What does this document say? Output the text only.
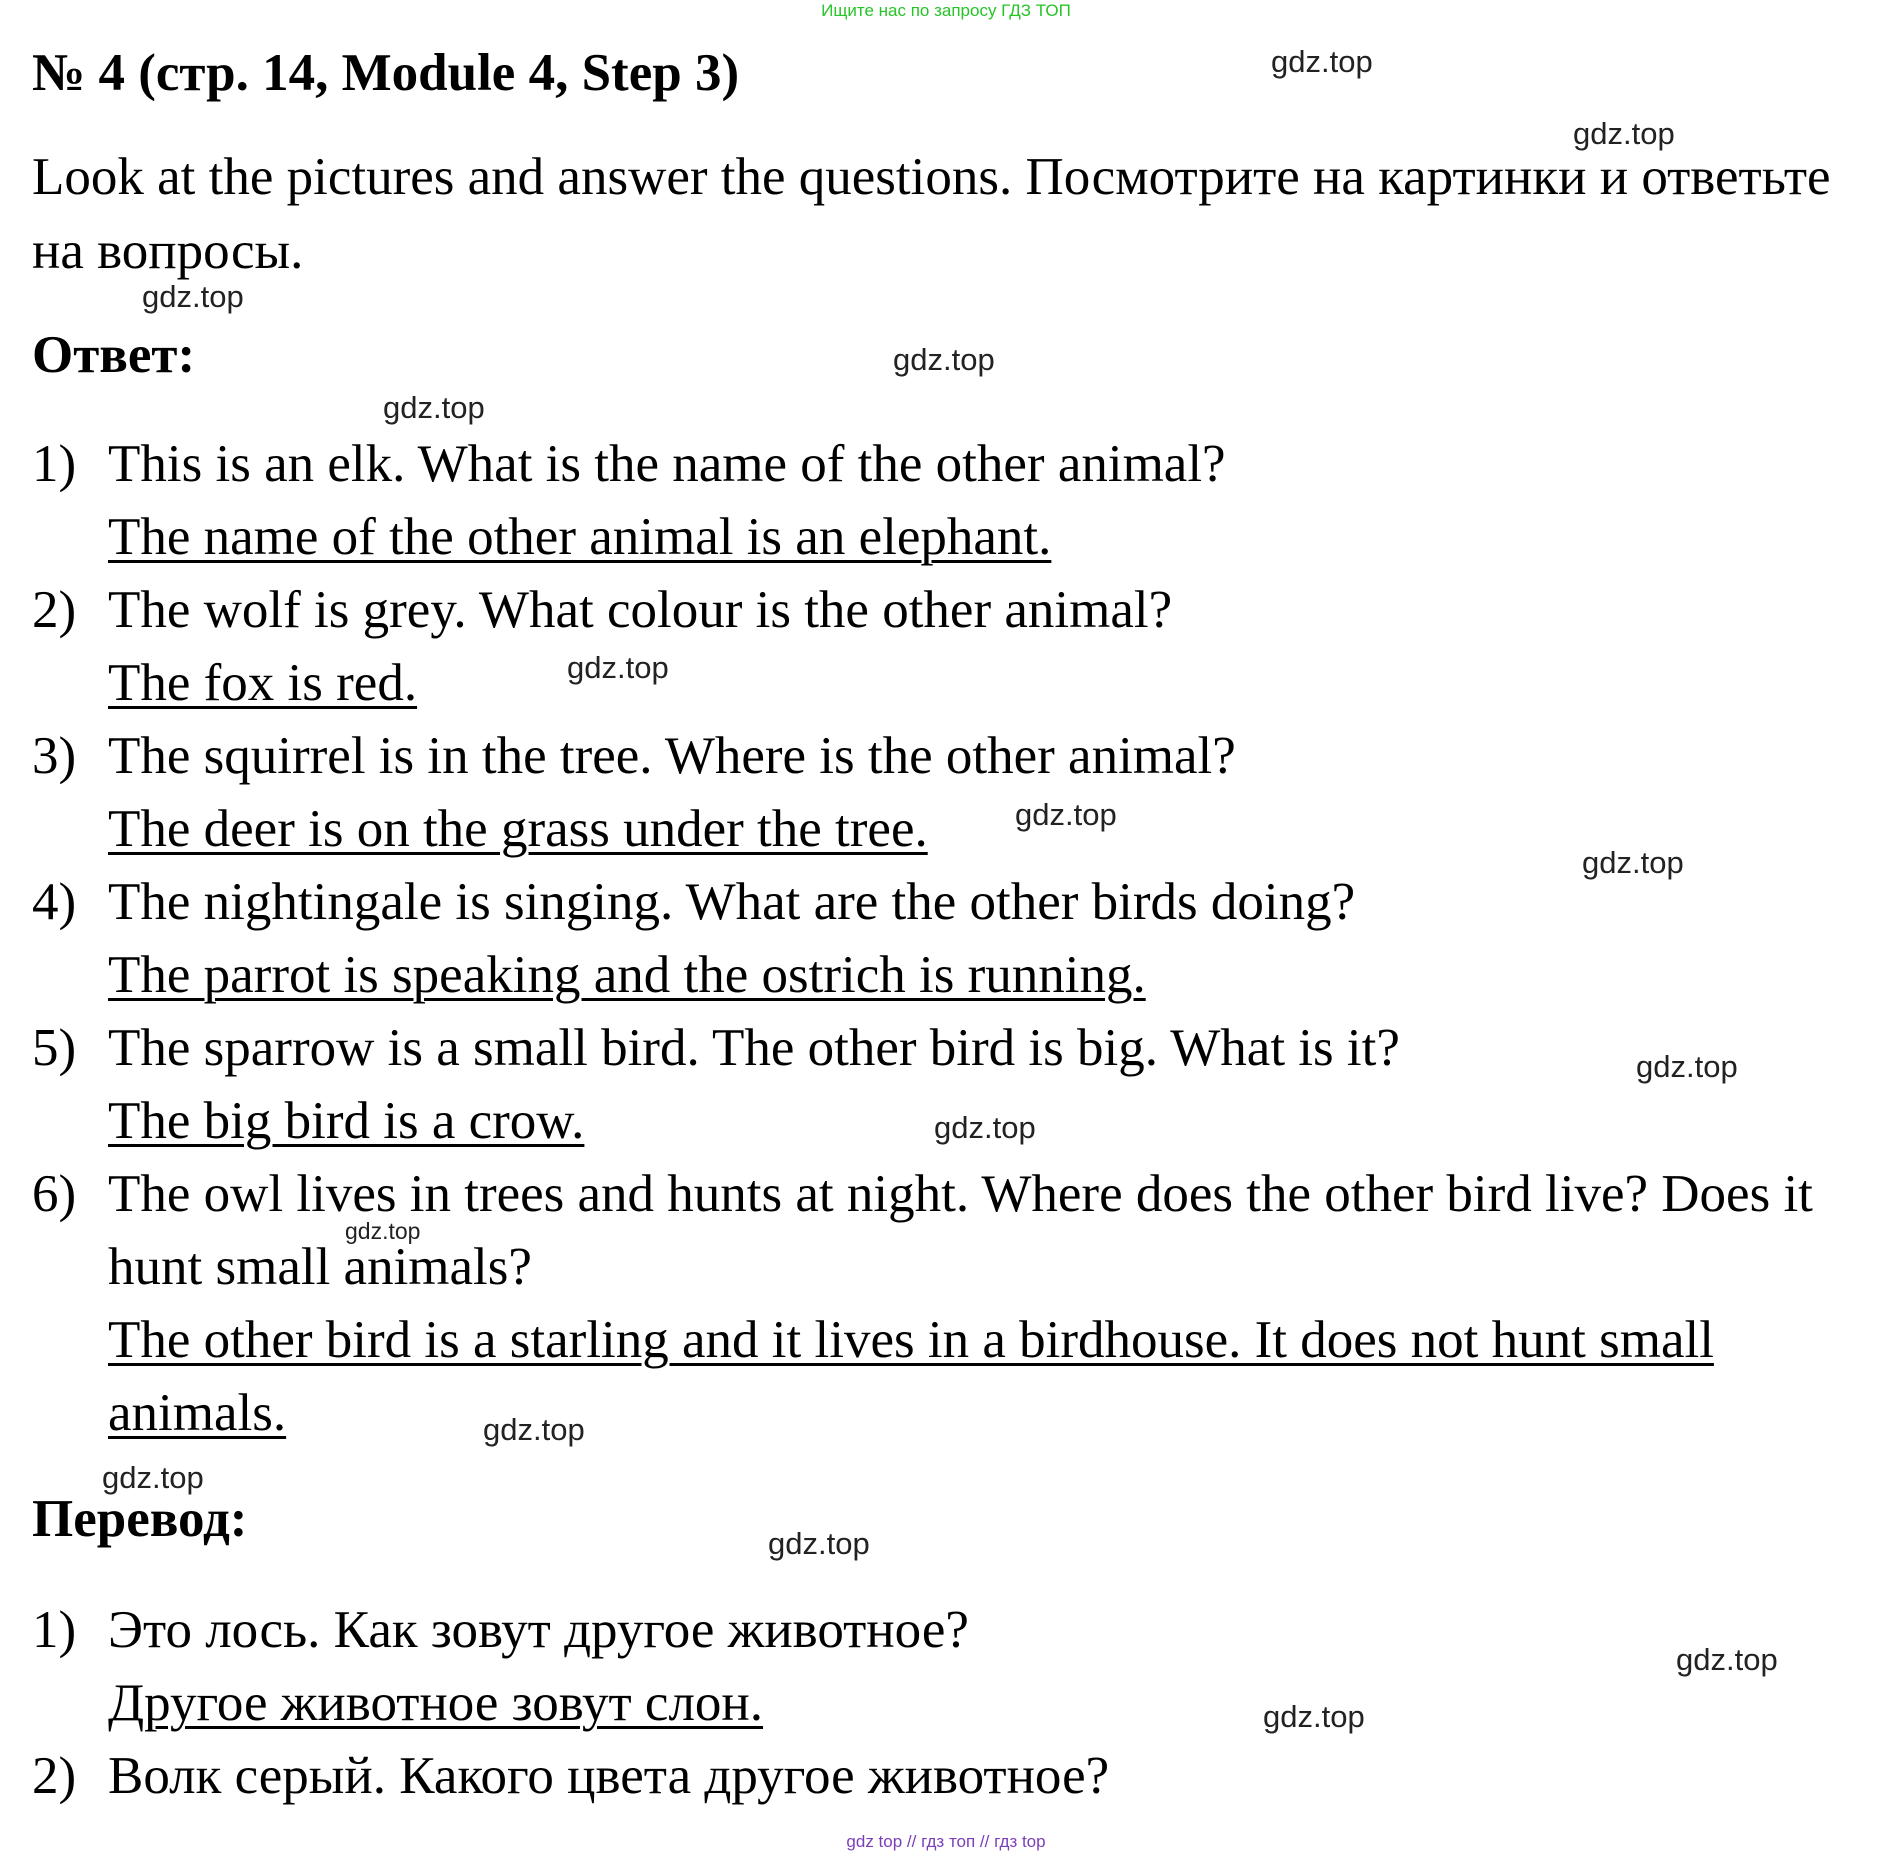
Ищите нас по запросу ГДЗ ТОП
№ 4 (стр. 14, Module 4, Step 3)

Look at the pictures and answer the questions. Посмотрите на картинки и ответьте на вопросы.

Ответ:
1) This is an elk. What is the name of the other animal?
The name of the other animal is an elephant.
2) The wolf is grey. What colour is the other animal?
The fox is red.
3) The squirrel is in the tree. Where is the other animal?
The deer is on the grass under the tree.
4) The nightingale is singing. What are the other birds doing?
The parrot is speaking and the ostrich is running.
5) The sparrow is a small bird. The other bird is big. What is it?
The big bird is a crow.
6) The owl lives in trees and hunts at night. Where does the other bird live? Does it hunt small animals?
The other bird is a starling and it lives in a birdhouse. It does not hunt small animals.
Перевод:
1) Это лось. Как зовут другое животное?
Другое животное зовут слон.
2) Волк серый. Какого цвета другое животное?
gdz.top
gdz.top
gdz.top
gdz.top
gdz.top
gdz.top
gdz.top
gdz.top
gdz.top
gdz.top
gdz.top
gdz.top
gdz.top
gdz.top
gdz.top
gdz.top
gdz top // гдз топ // гдз top
